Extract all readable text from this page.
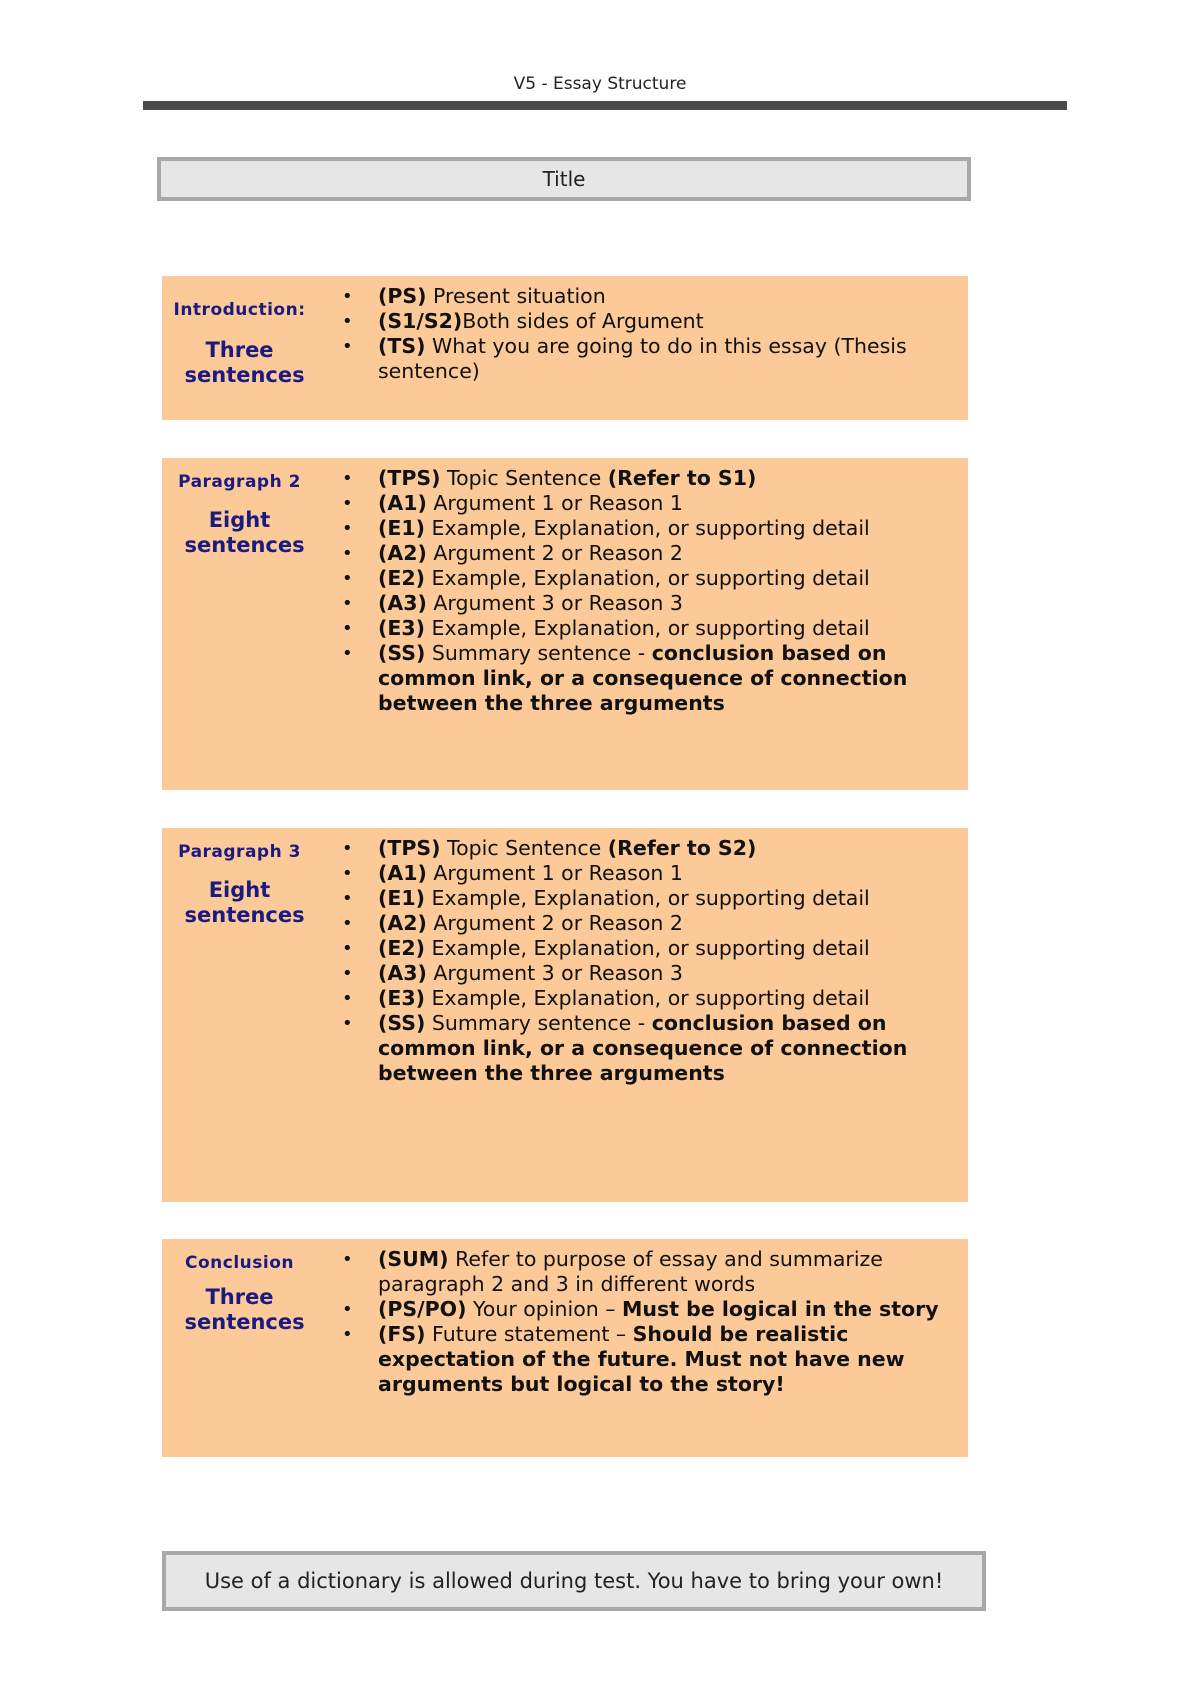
V5 - Essay Structure
Title
Introduction:
Three sentences
•	(PS) Present situation
•	(S1/S2)Both sides of Argument
•	(TS) What you are going to do in this essay (Thesis sentence)
Paragraph 2
Eight sentences
•	(TPS) Topic Sentence (Refer to S1)
•	(A1) Argument 1 or Reason 1
•	(E1) Example, Explanation, or supporting detail
•	(A2) Argument 2 or Reason 2
•	(E2) Example, Explanation, or supporting detail
•	(A3) Argument 3 or Reason 3
•	(E3) Example, Explanation, or supporting detail
•	(SS) Summary sentence - conclusion based on common link, or a consequence of connection between the three arguments
Paragraph 3
Eight sentences
•	(TPS) Topic Sentence (Refer to S2)
•	(A1) Argument 1 or Reason 1
•	(E1) Example, Explanation, or supporting detail
•	(A2) Argument 2 or Reason 2
•	(E2) Example, Explanation, or supporting detail
•	(A3) Argument 3 or Reason 3
•	(E3) Example, Explanation, or supporting detail
•	(SS) Summary sentence - conclusion based on common link, or a consequence of connection between the three arguments
Conclusion
Three sentences
•	(SUM) Refer to purpose of essay and summarize paragraph 2 and 3 in different words
•	(PS/PO) Your opinion – Must be logical in the story
•	(FS) Future statement – Should be realistic expectation of the future. Must not have new arguments but logical to the story!
Use of a dictionary is allowed during test. You have to bring your own!
